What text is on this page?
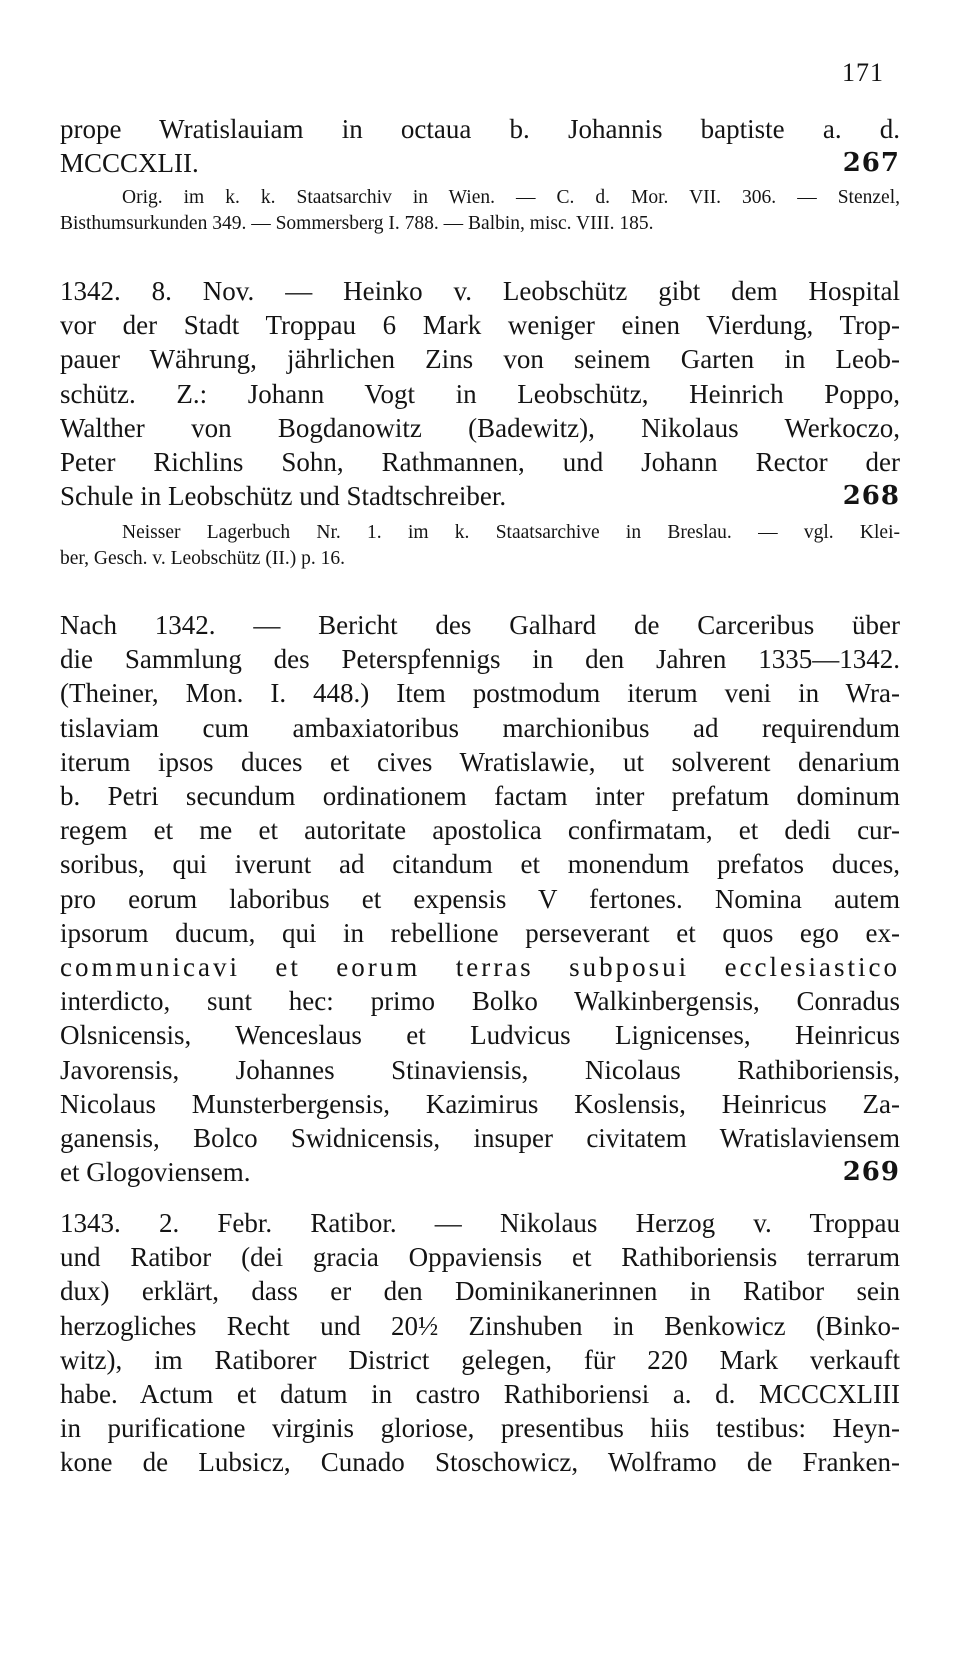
171
prope Wratislauiam in octaua b. Johannis baptiste a. d.
MCCCXLII.	267
Orig. im k. k. Staatsarchiv in Wien. — C. d. Mor. VII. 306. — Stenzel,
Bisthumsurkunden 349. — Sommersberg I. 788. — Balbin, misc. VIII. 185.
1342. 8. Nov. — Heinko v. Leobschütz gibt dem Hospital
vor der Stadt Troppau 6 Mark weniger einen Vierdung, Trop-
pauer Währung, jährlichen Zins von seinem Garten in Leob-
schütz. Z.: Johann Vogt in Leobschütz, Heinrich Poppo,
Walther von Bogdanowitz (Badewitz), Nikolaus Werkoczo,
Peter Richlins Sohn, Rathmannen, und Johann Rector der
Schule in Leobschütz und Stadtschreiber.	268
Neisser Lagerbuch Nr. 1. im k. Staatsarchive in Breslau. — vgl. Klei-
ber, Gesch. v. Leobschütz (II.) p. 16.
Nach 1342. — Bericht des Galhard de Carceribus über
die Sammlung des Peterspfennigs in den Jahren 1335—1342.
(Theiner, Mon. I. 448.) Item postmodum iterum veni in Wra-
tislaviam cum ambaxiatoribus marchionibus ad requirendum
iterum ipsos duces et cives Wratislawie, ut solverent denarium
b. Petri secundum ordinationem factam inter prefatum dominum
regem et me et autoritate apostolica confirmatam, et dedi cur-
soribus, qui iverunt ad citandum et monendum prefatos duces,
pro eorum laboribus et expensis V fertones. Nomina autem
ipsorum ducum, qui in rebellione perseverant et quos ego ex-
communicavi et eorum terras subposui ecclesiastico
interdicto, sunt hec: primo Bolko Walkinbergensis, Conradus
Olsnicensis, Wenceslaus et Ludvicus Lignicenses, Heinricus
Javorensis, Johannes Stinaviensis, Nicolaus Rathiboriensis,
Nicolaus Munsterbergensis, Kazimirus Koslensis, Heinricus Za-
ganensis, Bolco Swidnicensis, insuper civitatem Wratislaviensem
et Glogoviensem.	269
1343. 2. Febr. Ratibor. — Nikolaus Herzog v. Troppau
und Ratibor (dei gracia Oppaviensis et Rathiboriensis terrarum
dux) erklärt, dass er den Dominikanerinnen in Ratibor sein
herzogliches Recht und 20½ Zinshuben in Benkowicz (Binko-
witz), im Ratiborer District gelegen, für 220 Mark verkauft
habe. Actum et datum in castro Rathiboriensi a. d. MCCCXLIII
in purificatione virginis gloriose, presentibus hiis testibus: Heyn-
kone de Lubsicz, Cunado Stoschowicz, Wolframo de Franken-
